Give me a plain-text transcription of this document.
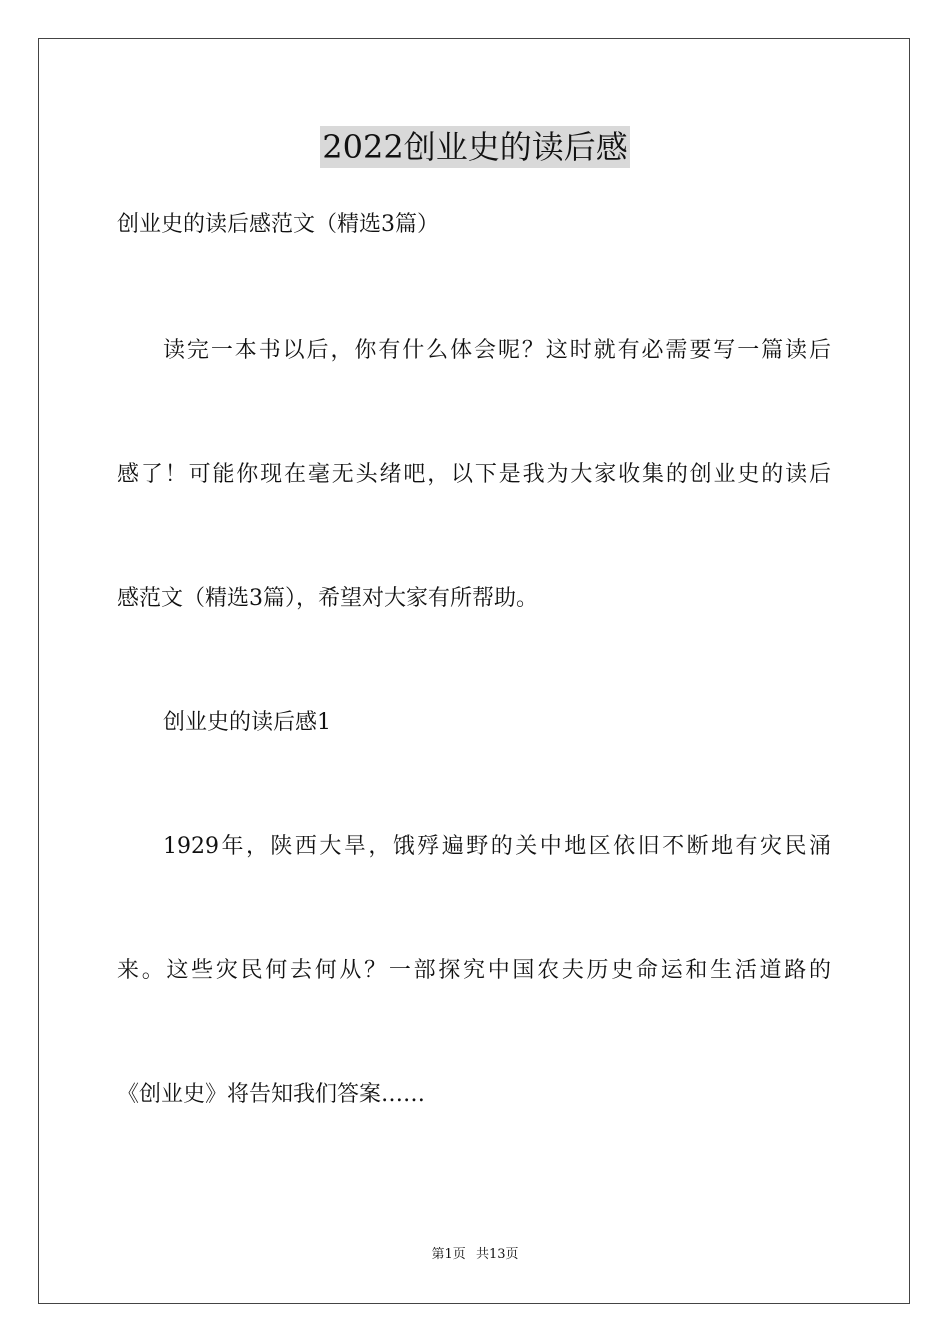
2022创业史的读后感
创业史的读后感范文（精选3篇）
读完一本书以后，你有什么体会呢？这时就有必需要写一篇读后
感了！可能你现在毫无头绪吧，以下是我为大家收集的创业史的读后
感范文（精选3篇），希望对大家有所帮助。
创业史的读后感1
1929年，陕西大旱，饿殍遍野的关中地区依旧不断地有灾民涌
来。这些灾民何去何从？一部探究中国农夫历史命运和生活道路的
《创业史》将告知我们答案……
第1页 共13页
